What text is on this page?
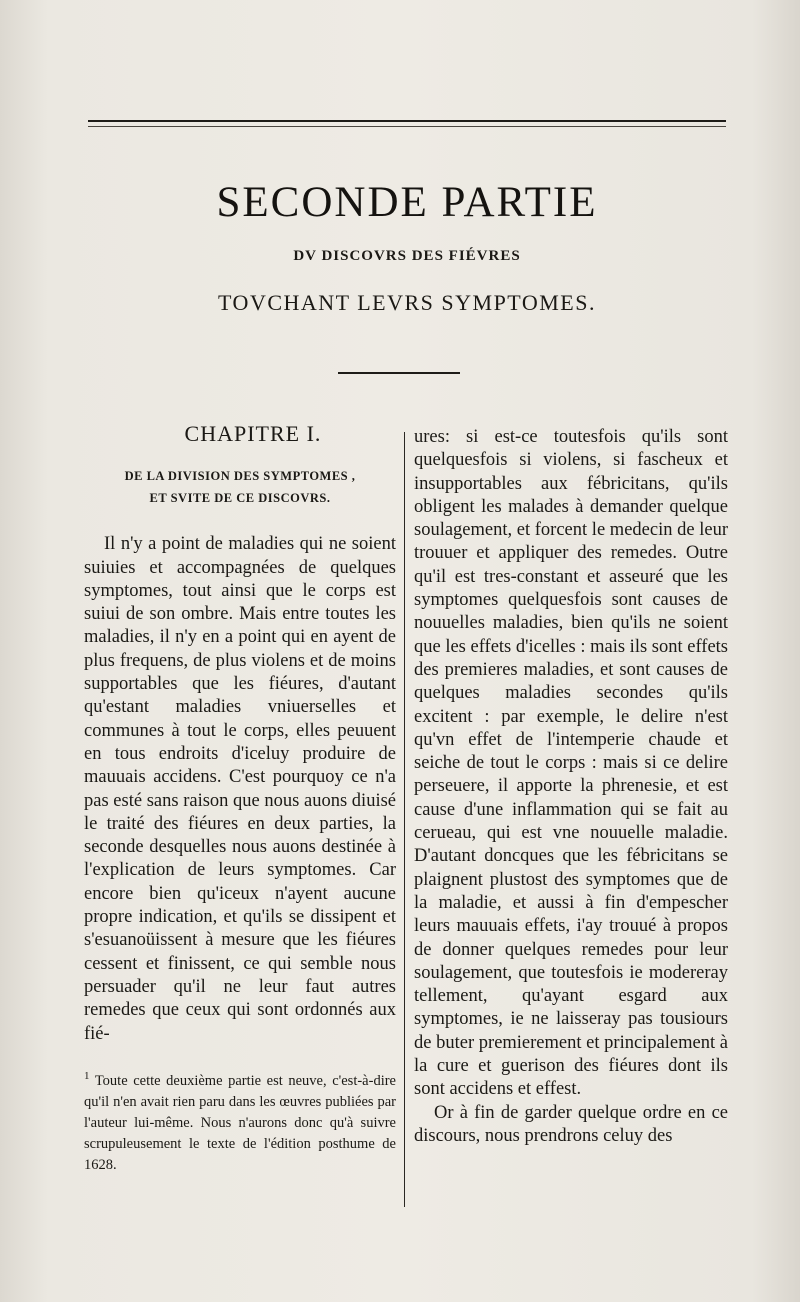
SECONDE PARTIE
DV DISCOVRS DES FIÉVRES
TOVCHANT LEVRS SYMPTOMES.
CHAPITRE I.
DE LA DIVISION DES SYMPTOMES ,
ET SVITE DE CE DISCOVRS.

Il n'y a point de maladies qui ne soient suiuies et accompagnées de quelques symptomes, tout ainsi que le corps est suiui de son ombre. Mais entre toutes les maladies, il n'y en a point qui en ayent de plus frequens, de plus violens et de moins supportables que les fiéures, d'autant qu'estant maladies vniuerselles et communes à tout le corps, elles peuuent en tous endroits d'iceluy produire de mauuais accidens. C'est pourquoy ce n'a pas esté sans raison que nous auons diuisé le traité des fiéures en deux parties, la seconde desquelles nous auons destinée à l'explication de leurs symptomes. Car encore bien qu'iceux n'ayent aucune propre indication, et qu'ils se dissipent et s'esuanoüissent à mesure que les fiéures cessent et finissent, ce qui semble nous persuader qu'il ne leur faut autres remedes que ceux qui sont ordonnés aux fié-

$^1$ Toute cette deuxième partie est neuve, c'est-à-dire qu'il n'en avait rien paru dans les œuvres publiées par l'auteur lui-même. Nous n'aurons donc qu'à suivre scrupuleusement le texte de l'édition posthume de 1628.

ures: si est-ce toutesfois qu'ils sont quelquesfois si violens, si fascheux et insupportables aux fébricitans, qu'ils obligent les malades à demander quelque soulagement, et forcent le medecin de leur trouuer et appliquer des remedes. Outre qu'il est tres-constant et asseuré que les symptomes quelquesfois sont causes de nouuelles maladies, bien qu'ils ne soient que les effets d'icelles : mais ils sont effets des premieres maladies, et sont causes de quelques maladies secondes qu'ils excitent : par exemple, le delire n'est qu'vn effet de l'intemperie chaude et seiche de tout le corps : mais si ce delire perseuere, il apporte la phrenesie, et est cause d'une inflammation qui se fait au cerueau, qui est vne nouuelle maladie. D'autant doncques que les fébricitans se plaignent plustost des symptomes que de la maladie, et aussi à fin d'empescher leurs mauuais effets, i'ay trouué à propos de donner quelques remedes pour leur soulagement, que toutesfois ie modereray tellement, qu'ayant esgard aux symptomes, ie ne laisseray pas tousiours de buter premierement et principalement à la cure et guerison des fiéures dont ils sont accidens et effest.

Or à fin de garder quelque ordre en ce discours, nous prendrons celuy des
